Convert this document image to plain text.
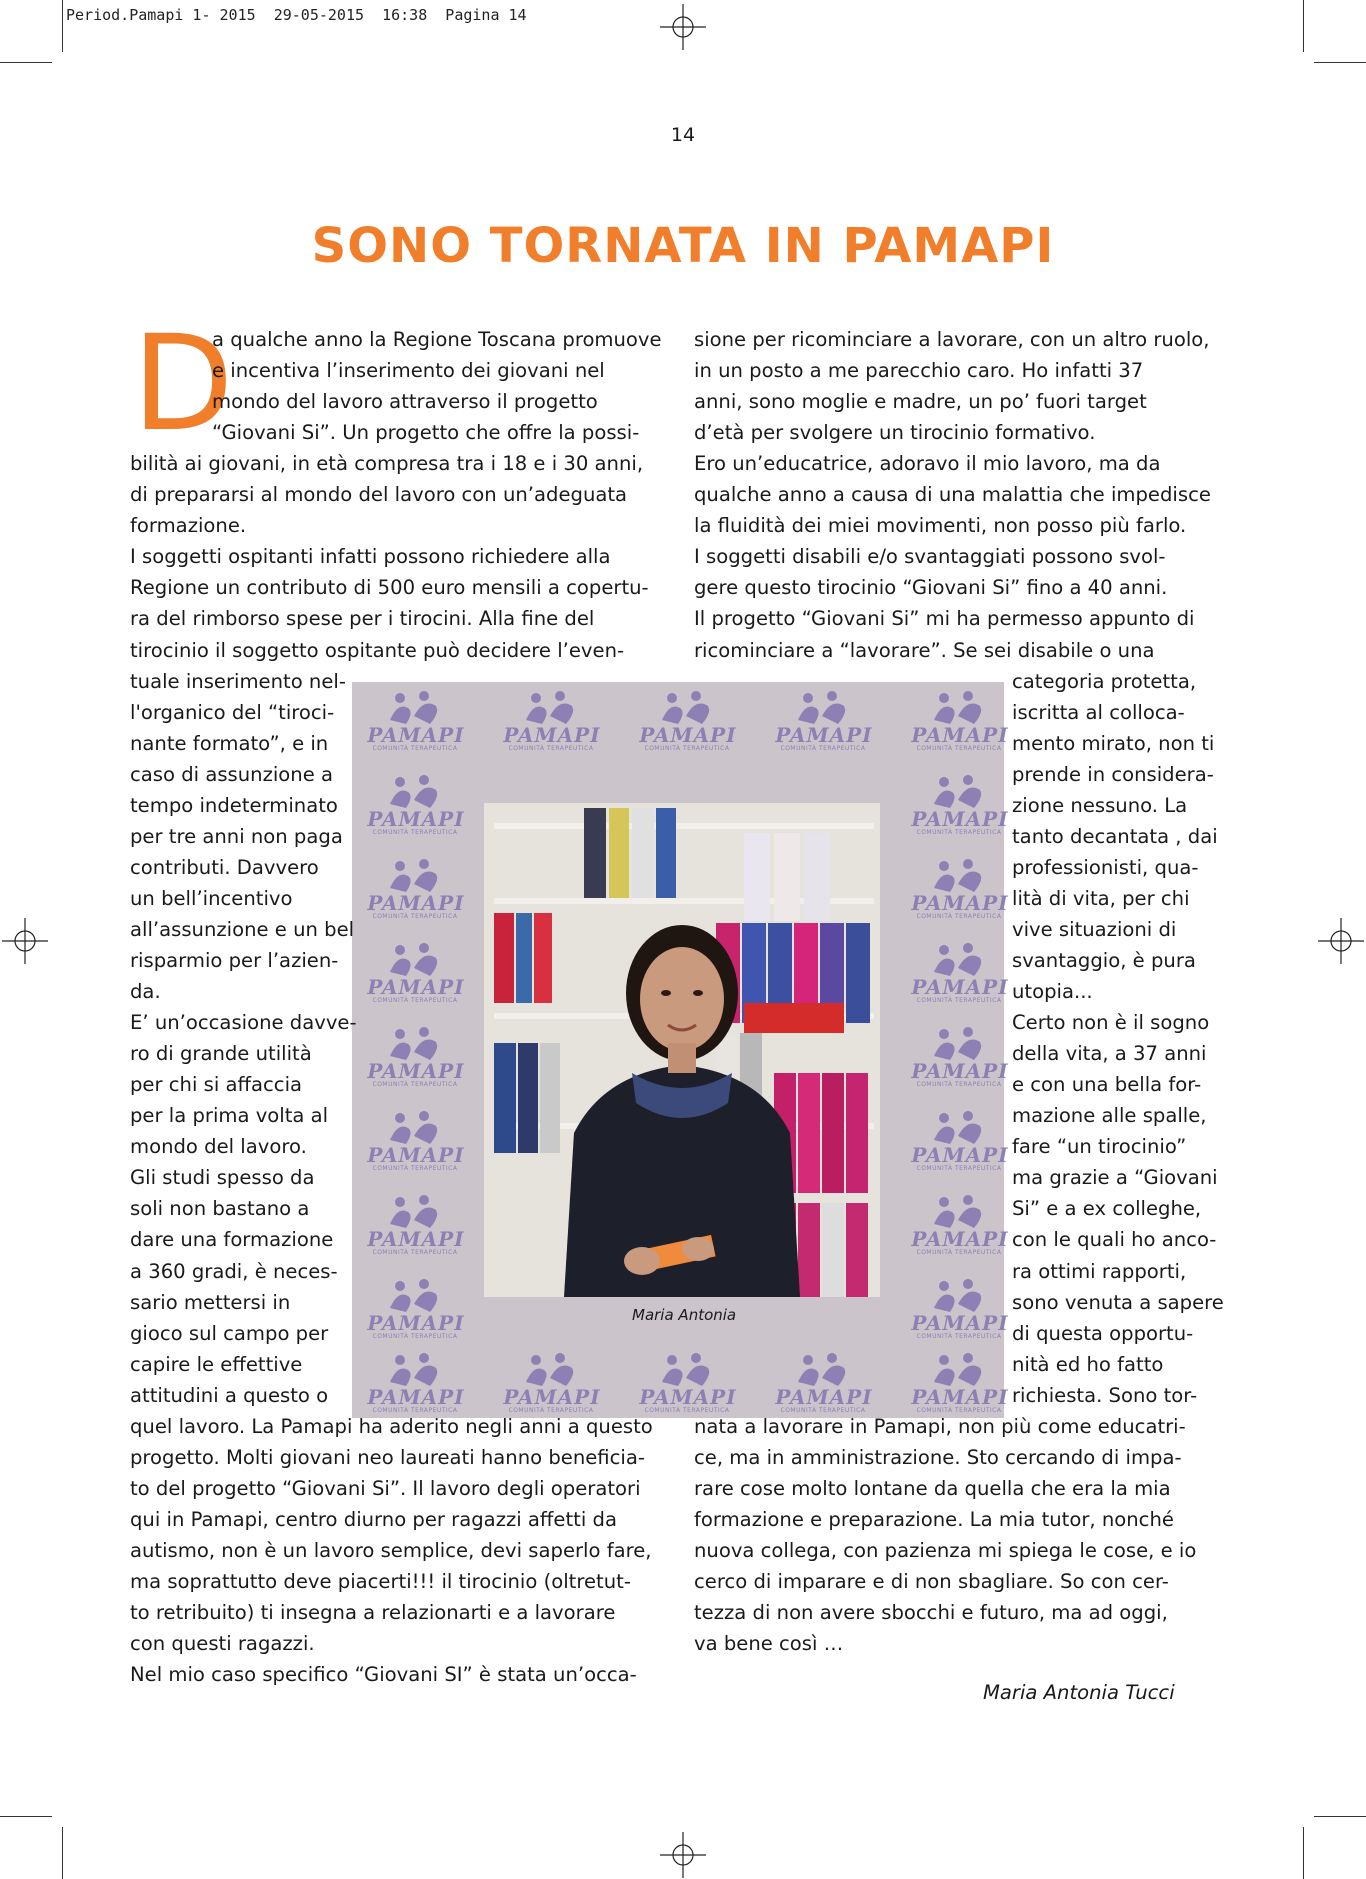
Period.Pamapi 1- 2015  29-05-2015  16:38  Pagina 14
14
SONO TORNATA IN PAMAPI
D
PAMAPI
COMUNITÀ TERAPEUTICA
PAMAPI
COMUNITÀ TERAPEUTICA
PAMAPI
COMUNITÀ TERAPEUTICA
PAMAPI
COMUNITÀ TERAPEUTICA
PAMAPI
COMUNITÀ TERAPEUTICA
PAMAPI
COMUNITÀ TERAPEUTICA
PAMAPI
COMUNITÀ TERAPEUTICA
PAMAPI
COMUNITÀ TERAPEUTICA
PAMAPI
COMUNITÀ TERAPEUTICA
PAMAPI
COMUNITÀ TERAPEUTICA
PAMAPI
COMUNITÀ TERAPEUTICA
PAMAPI
COMUNITÀ TERAPEUTICA
PAMAPI
COMUNITÀ TERAPEUTICA
PAMAPI
COMUNITÀ TERAPEUTICA
PAMAPI
COMUNITÀ TERAPEUTICA
PAMAPI
COMUNITÀ TERAPEUTICA
PAMAPI
COMUNITÀ TERAPEUTICA
PAMAPI
COMUNITÀ TERAPEUTICA
PAMAPI
COMUNITÀ TERAPEUTICA
PAMAPI
COMUNITÀ TERAPEUTICA
PAMAPI
COMUNITÀ TERAPEUTICA
PAMAPI
COMUNITÀ TERAPEUTICA
PAMAPI
COMUNITÀ TERAPEUTICA
PAMAPI
COMUNITÀ TERAPEUTICA
Maria Antonia
a qualche anno la Regione Toscana promuove
e incentiva l’inserimento dei giovani nel
mondo del lavoro attraverso il progetto
“Giovani Si”. Un progetto che offre la possi-
bilità ai giovani, in età compresa tra i 18 e i 30 anni,
di prepararsi al mondo del lavoro con un’adeguata
formazione.
I soggetti ospitanti infatti possono richiedere alla
Regione un contributo di 500 euro mensili a copertu-
ra del rimborso spese per i tirocini. Alla fine del
tirocinio il soggetto ospitante può decidere l’even-
tuale inserimento nel-
l'organico del “tiroci-
nante formato”, e in
caso di assunzione a
tempo indeterminato
per tre anni non paga
contributi. Davvero
un bell’incentivo
all’assunzione e un bel
risparmio per l’azien-
da.
E’ un’occasione davve-
ro di grande utilità
per chi si affaccia
per la prima volta al
mondo del lavoro.
Gli studi spesso da
soli non bastano a
dare una formazione
a 360 gradi, è neces-
sario mettersi in
gioco sul campo per
capire le effettive
attitudini a questo o
quel lavoro. La Pamapi ha aderito negli anni a questo
progetto. Molti giovani neo laureati hanno beneficia-
to del progetto “Giovani Si”. Il lavoro degli operatori
qui in Pamapi, centro diurno per ragazzi affetti da
autismo, non è un lavoro semplice, devi saperlo fare,
ma soprattutto deve piacerti!!! il tirocinio (oltretut-
to retribuito) ti insegna a relazionarti e a lavorare
con questi ragazzi.
Nel mio caso specifico “Giovani SI” è stata un’occa-
sione per ricominciare a lavorare, con un altro ruolo,
in un posto a me parecchio caro. Ho infatti 37
anni, sono moglie e madre, un po’ fuori target
d’età per svolgere un tirocinio formativo.
Ero un’educatrice, adoravo il mio lavoro, ma da
qualche anno a causa di una malattia che impedisce
la fluidità dei miei movimenti, non posso più farlo.
I soggetti disabili e/o svantaggiati possono svol-
gere questo tirocinio “Giovani Si” fino a 40 anni.
Il progetto “Giovani Si” mi ha permesso appunto di
ricominciare a “lavorare”. Se sei disabile o una
categoria protetta,
iscritta al colloca-
mento mirato, non ti
prende in considera-
zione nessuno. La
tanto decantata , dai
professionisti, qua-
lità di vita, per chi
vive situazioni di
svantaggio, è pura
utopia...
Certo non è il sogno
della vita, a 37 anni
e con una bella for-
mazione alle spalle,
fare “un tirocinio”
ma grazie a “Giovani
Si” e a ex colleghe,
con le quali ho anco-
ra ottimi rapporti,
sono venuta a sapere
di questa opportu-
nità ed ho fatto
richiesta. Sono tor-
nata a lavorare in Pamapi, non più come educatri-
ce, ma in amministrazione. Sto cercando di impa-
rare cose molto lontane da quella che era la mia
formazione e preparazione. La mia tutor, nonché
nuova collega, con pazienza mi spiega le cose, e io
cerco di imparare e di non sbagliare. So con cer-
tezza di non avere sbocchi e futuro, ma ad oggi,
va bene così …
Maria Antonia Tucci
